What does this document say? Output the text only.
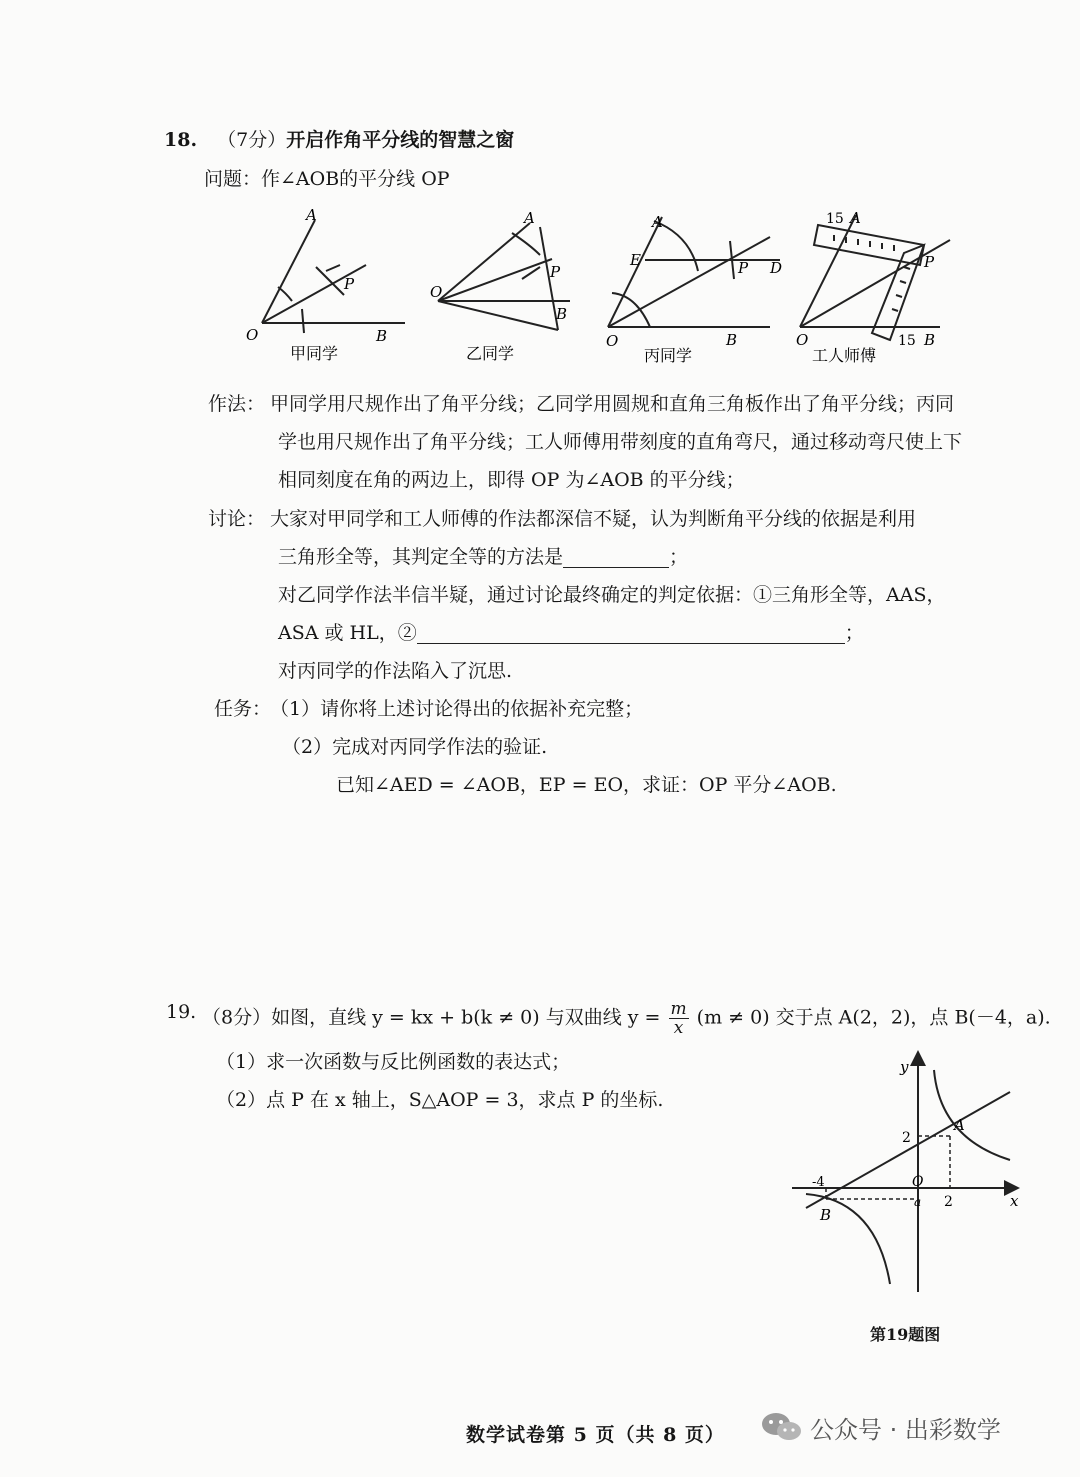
18. （7分）开启作角平分线的智慧之窗
问题：作∠AOB的平分线 OP
O
A
P
B
甲同学
O
A
P
B
乙同学
O
A
E	P D
B
丙同学
15 A
P
O	15 B
工人师傅
作法： 甲同学用尺规作出了角平分线；乙同学用圆规和直角三角板作出了角平分线；丙同
学也用尺规作出了角平分线；工人师傅用带刻度的直角弯尺，通过移动弯尺使上下
相同刻度在角的两边上，即得 OP 为∠AOB 的平分线；
讨论： 大家对甲同学和工人师傅的作法都深信不疑，认为判断角平分线的依据是利用
三角形全等，其判定全等的方法是	；
对乙同学作法半信半疑，通过讨论最终确定的判定依据：①三角形全等，AAS，
ASA 或 HL，②	；
对丙同学的作法陷入了沉思.
任务：
（1）请你将上述讨论得出的依据补充完整；
（2）完成对丙同学作法的验证.
已知∠AED = ∠AOB，EP = EO，求证：OP 平分∠AOB.
19. （8分）如图，直线 y = kx + b(k ≠ 0) 与双曲线 $y = \frac{m}{x} (m \ne 0)$ 交于点 A(2，2)，点 B(－4，a).
（1）求一次函数与反比例函数的表达式；
（2）点 P 在 x 轴上，S△AOP = 3，求点 P 的坐标.
y
x
O
A
B
2
2
-4
a
第19题图
数学试卷第 5 页（共 8 页）	公众号 · 出彩数学
